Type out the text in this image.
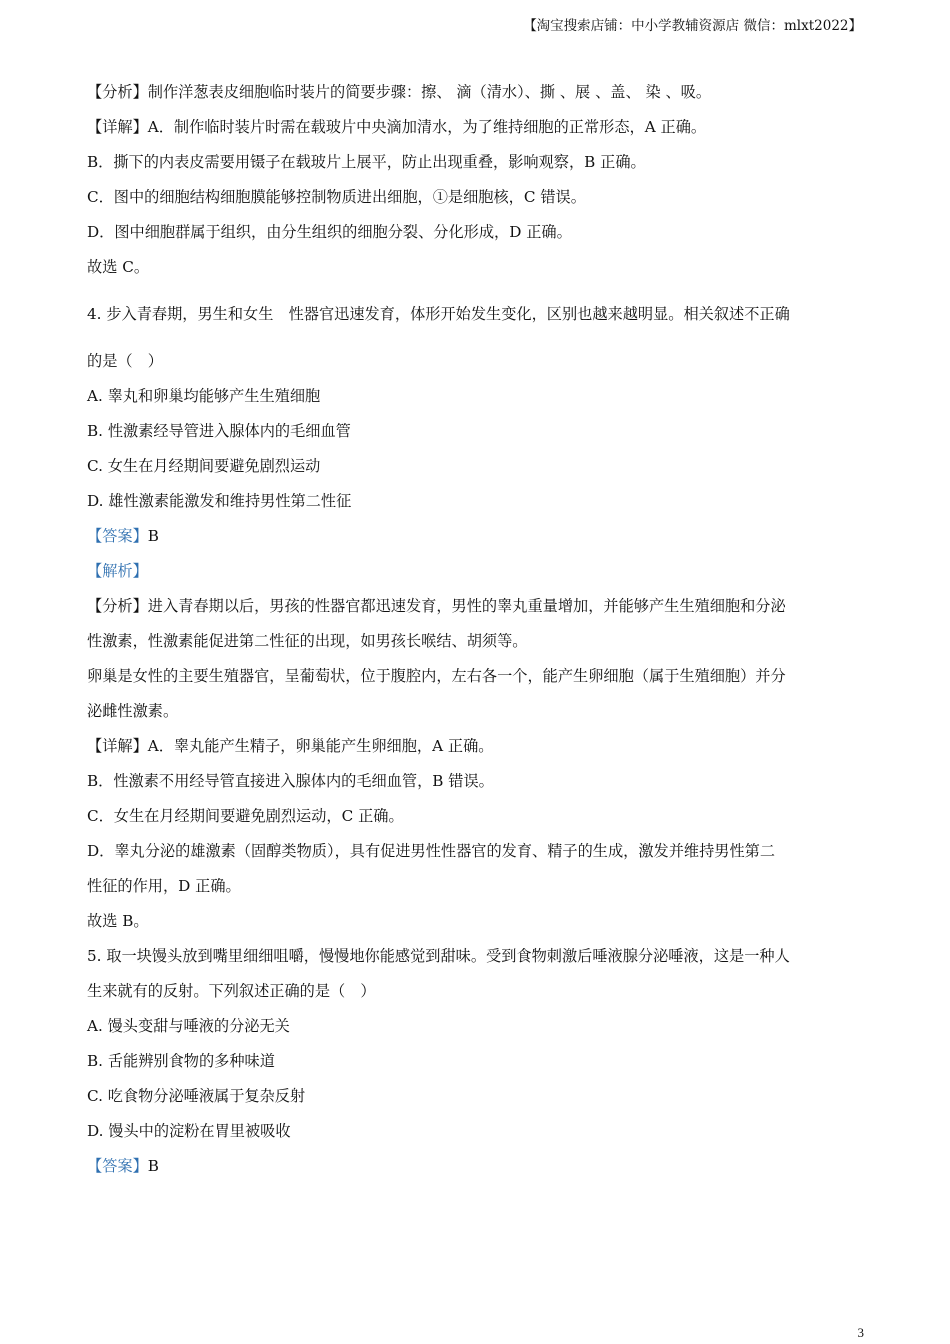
【淘宝搜索店铺：中小学教辅资源店 微信：mlxt2022】
【分析】制作洋葱表皮细胞临时装片的简要步骤：擦、 滴（清水）、撕 、展 、盖、 染 、吸。
【详解】A．制作临时装片时需在载玻片中央滴加清水，为了维持细胞的正常形态，A 正确。
B．撕下的内表皮需要用镊子在载玻片上展平，防止出现重叠，影响观察，B 正确。
C．图中的细胞结构细胞膜能够控制物质进出细胞，①是细胞核，C 错误。
D．图中细胞群属于组织，由分生组织的细胞分裂、分化形成，D 正确。
故选 C。
4. 步入青春期，男生和女生　性器官迅速发育，体形开始发生变化，区别也越来越明显。相关叙述不正确
的是（　）
A. 睾丸和卵巢均能够产生生殖细胞
B. 性激素经导管进入腺体内的毛细血管
C. 女生在月经期间要避免剧烈运动
D. 雄性激素能激发和维持男性第二性征
【答案】B
【解析】
【分析】进入青春期以后，男孩的性器官都迅速发育，男性的睾丸重量增加，并能够产生生殖细胞和分泌
性激素，性激素能促进第二性征的出现，如男孩长喉结、胡须等。
卵巢是女性的主要生殖器官，呈葡萄状，位于腹腔内，左右各一个，能产生卵细胞（属于生殖细胞）并分
泌雌性激素。
【详解】A．睾丸能产生精子，卵巢能产生卵细胞，A 正确。
B．性激素不用经导管直接进入腺体内的毛细血管，B 错误。
C．女生在月经期间要避免剧烈运动，C 正确。
D．睾丸分泌的雄激素（固醇类物质），具有促进男性性器官的发育、精子的生成，激发并维持男性第二
性征的作用，D 正确。
故选 B。
5. 取一块馒头放到嘴里细细咀嚼，慢慢地你能感觉到甜味。受到食物刺激后唾液腺分泌唾液，这是一种人
生来就有的反射。下列叙述正确的是（　）
A. 馒头变甜与唾液的分泌无关
B. 舌能辨别食物的多种味道
C. 吃食物分泌唾液属于复杂反射
D. 馒头中的淀粉在胃里被吸收
【答案】B
3
